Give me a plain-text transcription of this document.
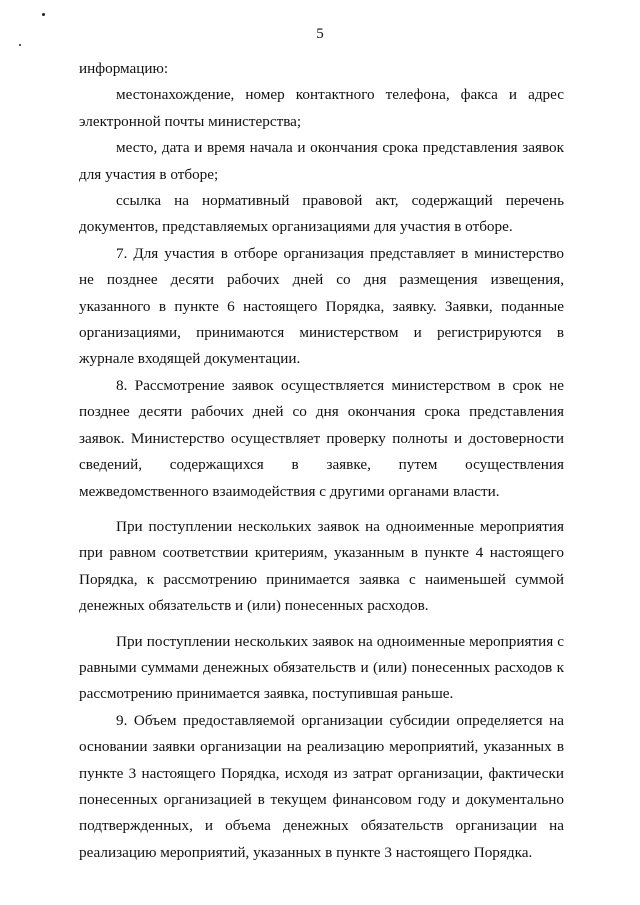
5

информацию:

местонахождение, номер контактного телефона, факса и адрес электронной почты министерства;

место, дата и время начала и окончания срока представления заявок для участия в отборе;

ссылка на нормативный правовой акт, содержащий перечень документов, представляемых организациями для участия в отборе.

7. Для участия в отборе организация представляет в министерство не позднее десяти рабочих дней со дня размещения извещения, указанного в пункте 6 настоящего Порядка, заявку. Заявки, поданные организациями, принимаются министерством и регистрируются в журнале входящей документации.

8. Рассмотрение заявок осуществляется министерством в срок не позднее десяти рабочих дней со дня окончания срока представления заявок. Министерство осуществляет проверку полноты и достоверности сведений, содержащихся в заявке, путем осуществления межведомственного взаимодействия с другими органами власти.

При поступлении нескольких заявок на одноименные мероприятия при равном соответствии критериям, указанным в пункте 4 настоящего Порядка, к рассмотрению принимается заявка с наименьшей суммой денежных обязательств и (или) понесенных расходов.

При поступлении нескольких заявок на одноименные мероприятия с равными суммами денежных обязательств и (или) понесенных расходов к рассмотрению принимается заявка, поступившая раньше.

9. Объем предоставляемой организации субсидии определяется на основании заявки организации на реализацию мероприятий, указанных в пункте 3 настоящего Порядка, исходя из затрат организации, фактически понесенных организацией в текущем финансовом году и документально подтвержденных, и объема денежных обязательств организации на реализацию мероприятий, указанных в пункте 3 настоящего Порядка.
